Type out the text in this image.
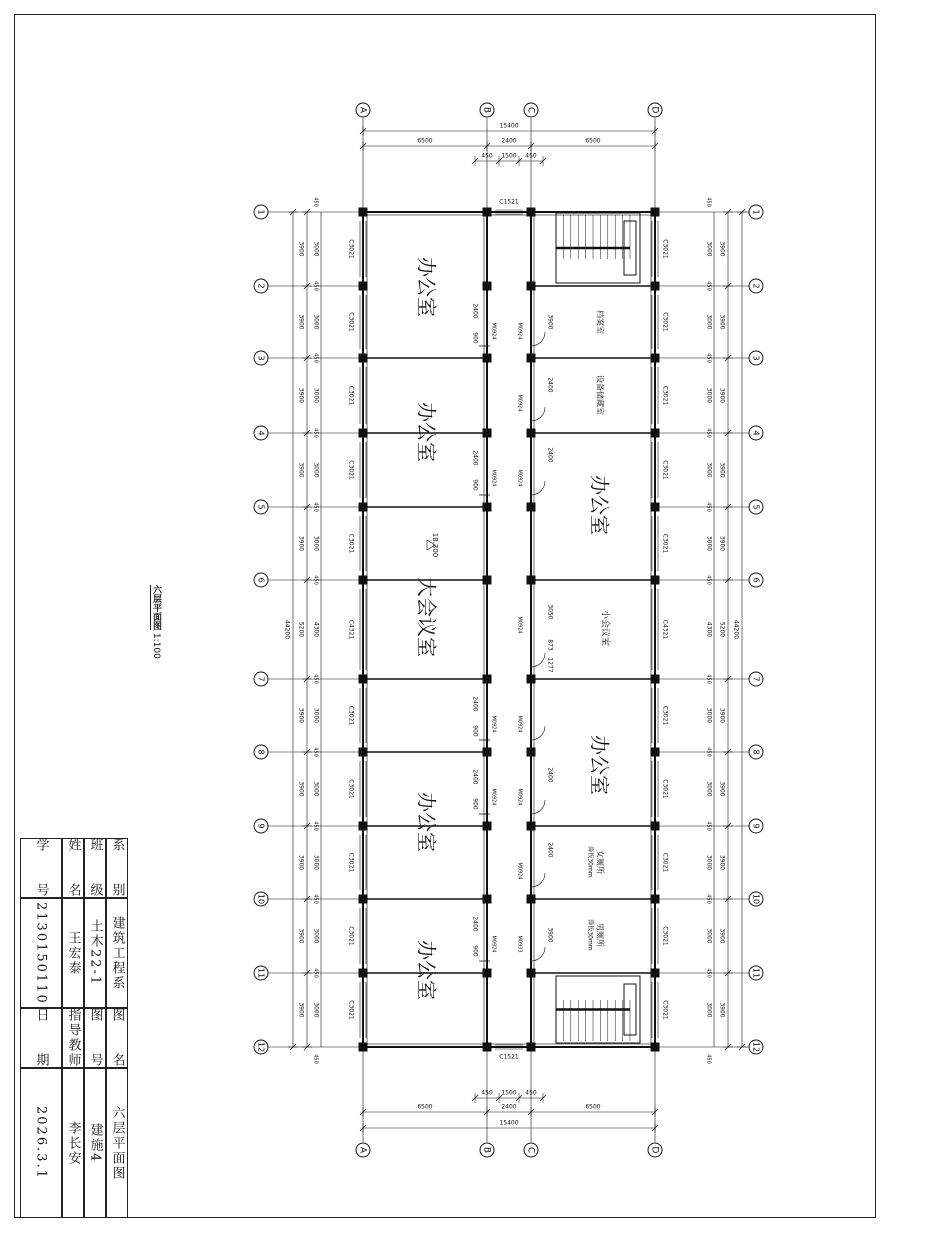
A
A
B
B
C
C
D
D
1	1
2	2
3	3
4	4
5	5
6	6
7	7
8	8
9	9
10	10
11	11
12	12
C3021	C3021
C3021	C3021
C3021	C3021
C3021	C3021
C3021	C3021
C4321	C4321
C3021	C3021
C3021	C3021
C3021	C3021
C3021	C3021
C3021	C3021
C1521
C1521
M0924
2400
900
M0924
2400
900
M0924
2400
900
M0924
2400
900
M0924
2400
900
M0924
M0924
M0924
M0924
M0924
M0924
M0924
M0933
办公室
办公室
大会议室
办公室
办公室
档案室
设备储藏室
办公室
小会议室
办公室
女厕所
降板30mm
男厕所
降板30mm
18.300
3900
2400
2400
3050
873
1277
2400
2400
3900
15400
6500	2400	6500
450 1500 450
450 1500 450
6500	2400	6500
15400
44200
3900
3900
3900
3900
3900
5200
3900
3900
3900
3900
3900
3000
3000
450
3000
450
3000
450
3000
450
4300
450
3000
450
3000
450
3000
450
3000
450
3000
450
450
450
44200
3900
3900
3900
3900
3900
5200
3900
3900
3900
3900
3900
3000
3000
450
3000
450
3000
450
3000
450
4300
450
3000
450
3000
450
3000
450
3000
450
3000
450
450
450
六层平面图 1:100
系　　别
建筑工程系
班　　级
土木22-1
姓　　名
王宏泰
学　　号
2130150110
图　　名
六层平面图
图　　号
建施4
指导教师
李长安
日　　期
2026.3.1
